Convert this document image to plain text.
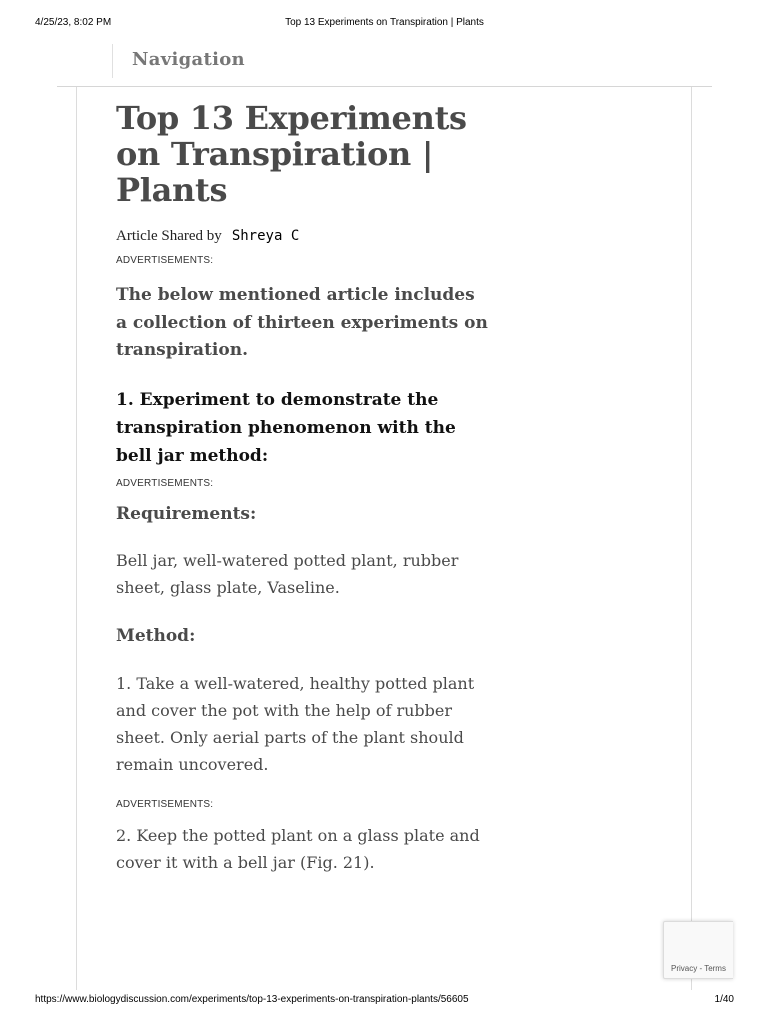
4/25/23, 8:02 PM	Top 13 Experiments on Transpiration | Plants
Navigation
Top 13 Experiments on Transpiration | Plants
Article Shared by Shreya C
ADVERTISEMENTS:

The below mentioned article includes a collection of thirteen experiments on transpiration.

1. Experiment to demonstrate the transpiration phenomenon with the bell jar method:
ADVERTISEMENTS:
Requirements:

Bell jar, well-watered potted plant, rubber sheet, glass plate, Vaseline.

Method:

1. Take a well-watered, healthy potted plant and cover the pot with the help of rubber sheet. Only aerial parts of the plant should remain uncovered.

ADVERTISEMENTS:

2. Keep the potted plant on a glass plate and cover it with a bell jar (Fig. 21).

Privacy - Terms
https://www.biologydiscussion.com/experiments/top-13-experiments-on-transpiration-plants/56605	1/40
